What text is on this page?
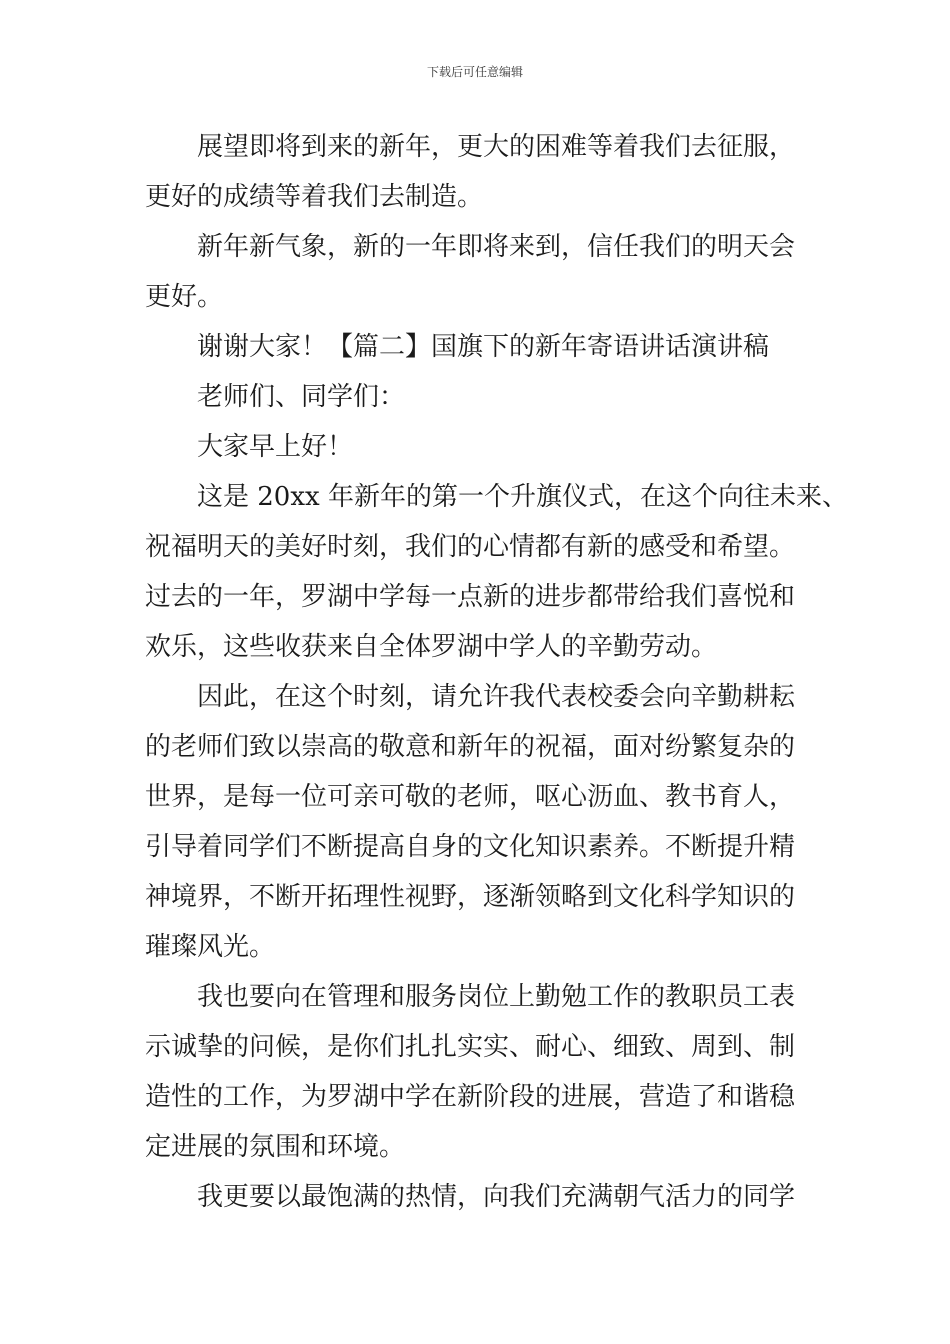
下载后可任意编辑
展望即将到来的新年，更大的困难等着我们去征服，
更好的成绩等着我们去制造。
新年新气象，新的一年即将来到，信任我们的明天会
更好。
谢谢大家！【篇二】国旗下的新年寄语讲话演讲稿
老师们、同学们：
大家早上好！
这是 20xx 年新年的第一个升旗仪式，在这个向往未来、
祝福明天的美好时刻，我们的心情都有新的感受和希望。
过去的一年，罗湖中学每一点新的进步都带给我们喜悦和
欢乐，这些收获来自全体罗湖中学人的辛勤劳动。
因此，在这个时刻，请允许我代表校委会向辛勤耕耘
的老师们致以崇高的敬意和新年的祝福，面对纷繁复杂的
世界，是每一位可亲可敬的老师，呕心沥血、教书育人，
引导着同学们不断提高自身的文化知识素养。不断提升精
神境界，不断开拓理性视野，逐渐领略到文化科学知识的
璀璨风光。
我也要向在管理和服务岗位上勤勉工作的教职员工表
示诚挚的问候，是你们扎扎实实、耐心、细致、周到、制
造性的工作，为罗湖中学在新阶段的进展，营造了和谐稳
定进展的氛围和环境。
我更要以最饱满的热情，向我们充满朝气活力的同学
